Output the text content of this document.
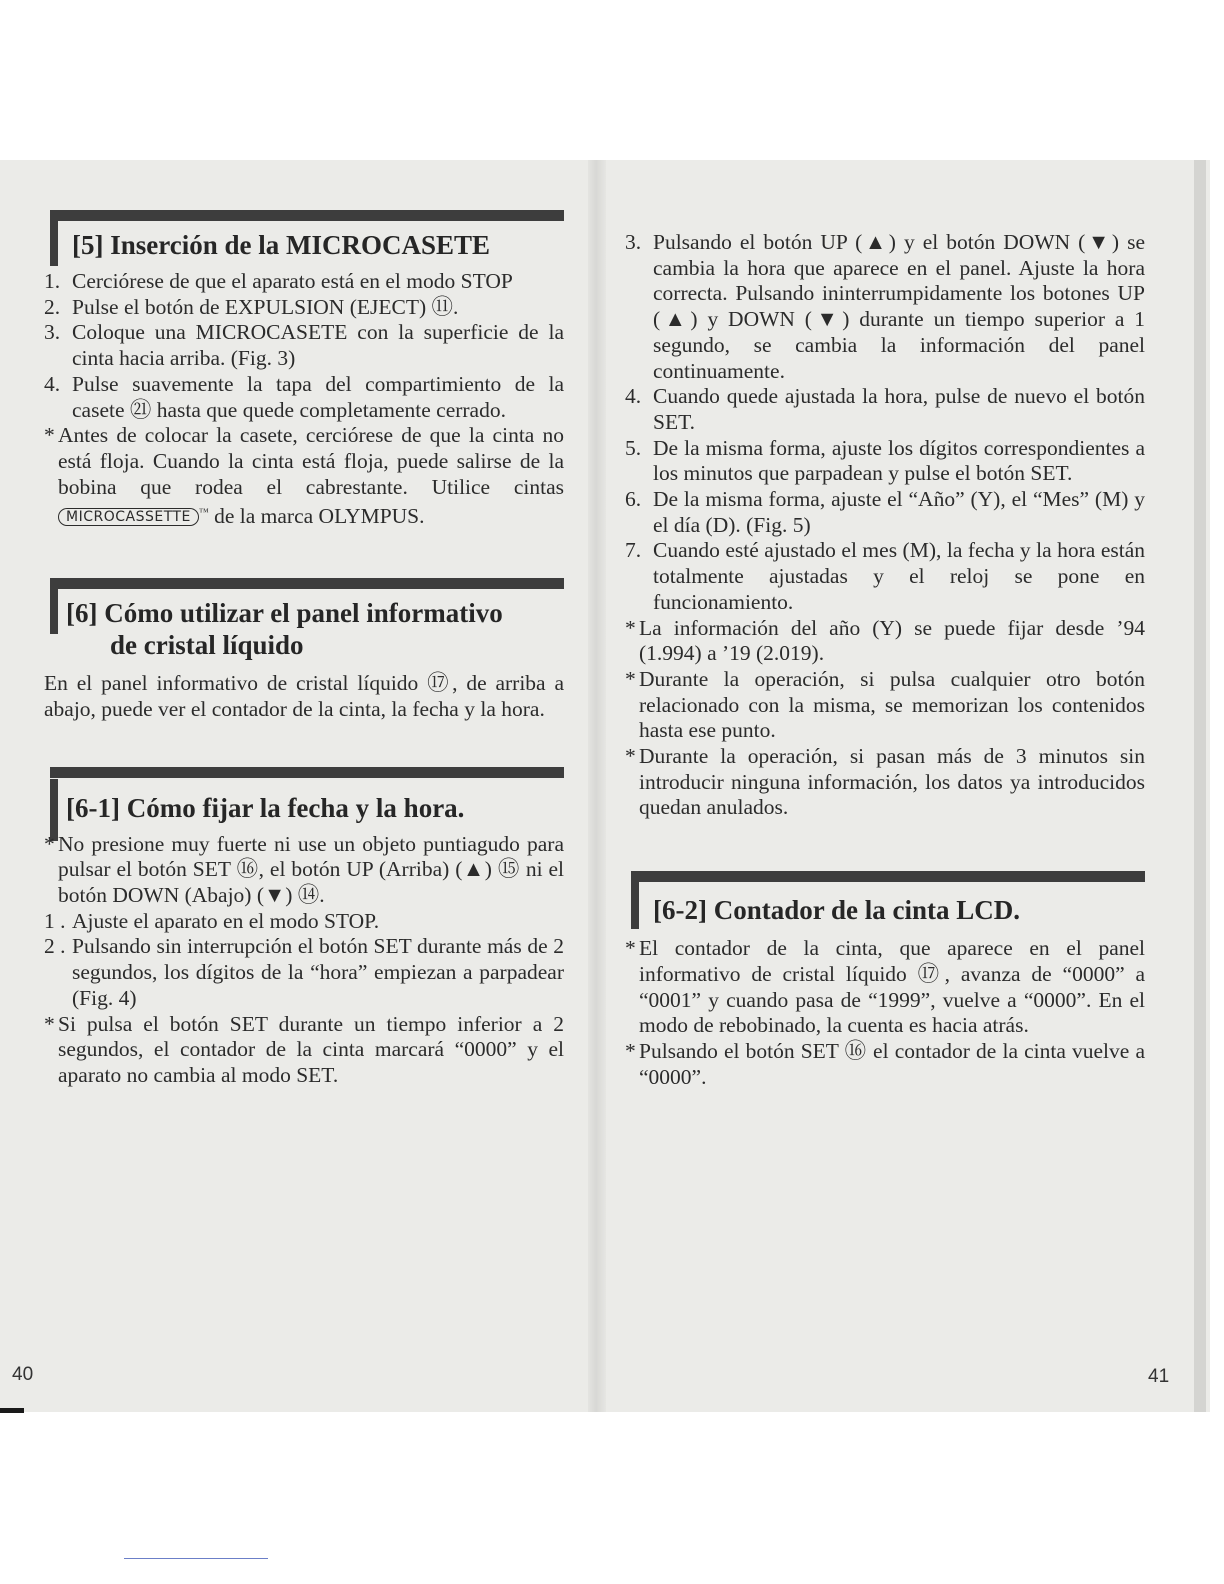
[5] Inserción de la MICROCASETE
1. Cerciórese de que el aparato está en el modo STOP
2. Pulse el botón de EXPULSION (EJECT) ⑪.
3. Coloque una MICROCASETE con la superficie de la cinta hacia arriba. (Fig. 3)
4. Pulse suavemente la tapa del compartimiento de la casete ㉑ hasta que quede completamente cerrado.
* Antes de colocar la casete, cerciórese de que la cinta no está floja. Cuando la cinta está floja, puede salirse de la bobina que rodea el cabrestante. Utilice cintas MICROCASSETTE ™ de la marca OLYMPUS.
[6] Cómo utilizar el panel informativo
de cristal líquido
En el panel informativo de cristal líquido ⑰, de arriba a abajo, puede ver el contador de la cinta, la fecha y la hora.
[6-1] Cómo fijar la fecha y la hora.
* No presione muy fuerte ni use un objeto puntiagudo para pulsar el botón SET ⑯, el botón UP (Arriba) (▲) ⑮ ni el botón DOWN (Abajo) (▼) ⑭.
1 . Ajuste el aparato en el modo STOP.
2 . Pulsando sin interrupción el botón SET durante más de 2 segundos, los dígitos de la “hora” empiezan a parpadear (Fig. 4)
* Si pulsa el botón SET durante un tiempo inferior a 2 segundos, el contador de la cinta marcará “0000” y el aparato no cambia al modo SET.
40
3. Pulsando el botón UP (▲) y el botón DOWN (▼) se cambia la hora que aparece en el panel. Ajuste la hora correcta. Pulsando ininterrumpidamente los botones UP (▲) y DOWN (▼) durante un tiempo superior a 1 segundo, se cambia la información del panel continuamente.
4. Cuando quede ajustada la hora, pulse de nuevo el botón SET.
5. De la misma forma, ajuste los dígitos correspondientes a los minutos que parpadean y pulse el botón SET.
6. De la misma forma, ajuste el “Año” (Y), el “Mes” (M) y el día (D). (Fig. 5)
7. Cuando esté ajustado el mes (M), la fecha y la hora están totalmente ajustadas y el reloj se pone en funcionamiento.
* La información del año (Y) se puede fijar desde ’94 (1.994) a ’19 (2.019).
* Durante la operación, si pulsa cualquier otro botón relacionado con la misma, se memorizan los contenidos hasta ese punto.
* Durante la operación, si pasan más de 3 minutos sin introducir ninguna información, los datos ya introducidos quedan anulados.
[6-2] Contador de la cinta LCD.
* El contador de la cinta, que aparece en el panel informativo de cristal líquido ⑰, avanza de “0000” a “0001” y cuando pasa de “1999”, vuelve a “0000”. En el modo de rebobinado, la cuenta es hacia atrás.
* Pulsando el botón SET ⑯ el contador de la cinta vuelve a “0000”.
41
